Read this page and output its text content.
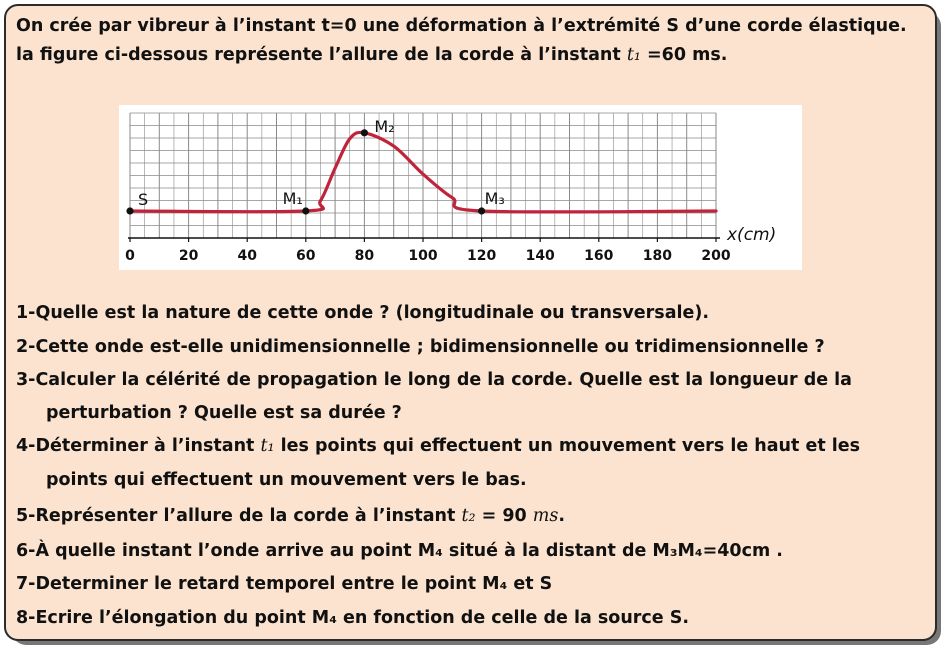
On crée par vibreur à l’instant t=0 une déformation à l’extrémité S d’une corde élastique.
la figure ci-dessous représente l’allure de la corde à l’instant t₁ =60 ms.
0	20	40	60	80 100 120 140 160 180 200
S	M₁
M₂
M₃
x(cm)
1-Quelle est la nature de cette onde ? (longitudinale ou transversale).
2-Cette onde est-elle unidimensionnelle ; bidimensionnelle ou tridimensionnelle ?
3-Calculer la célérité de propagation le long de la corde. Quelle est la longueur de la
perturbation ? Quelle est sa durée ?
4-Déterminer à l’instant t₁ les points qui effectuent un mouvement vers le haut et les
points qui effectuent un mouvement vers le bas.
5-Représenter l’allure de la corde à l’instant t₂ = 90 ms.
6-À quelle instant l’onde arrive au point M₄ situé à la distant de M₃M₄=40cm .
7-Determiner le retard temporel entre le point M₄ et S
8-Ecrire l’élongation du point M₄ en fonction de celle de la source S.
